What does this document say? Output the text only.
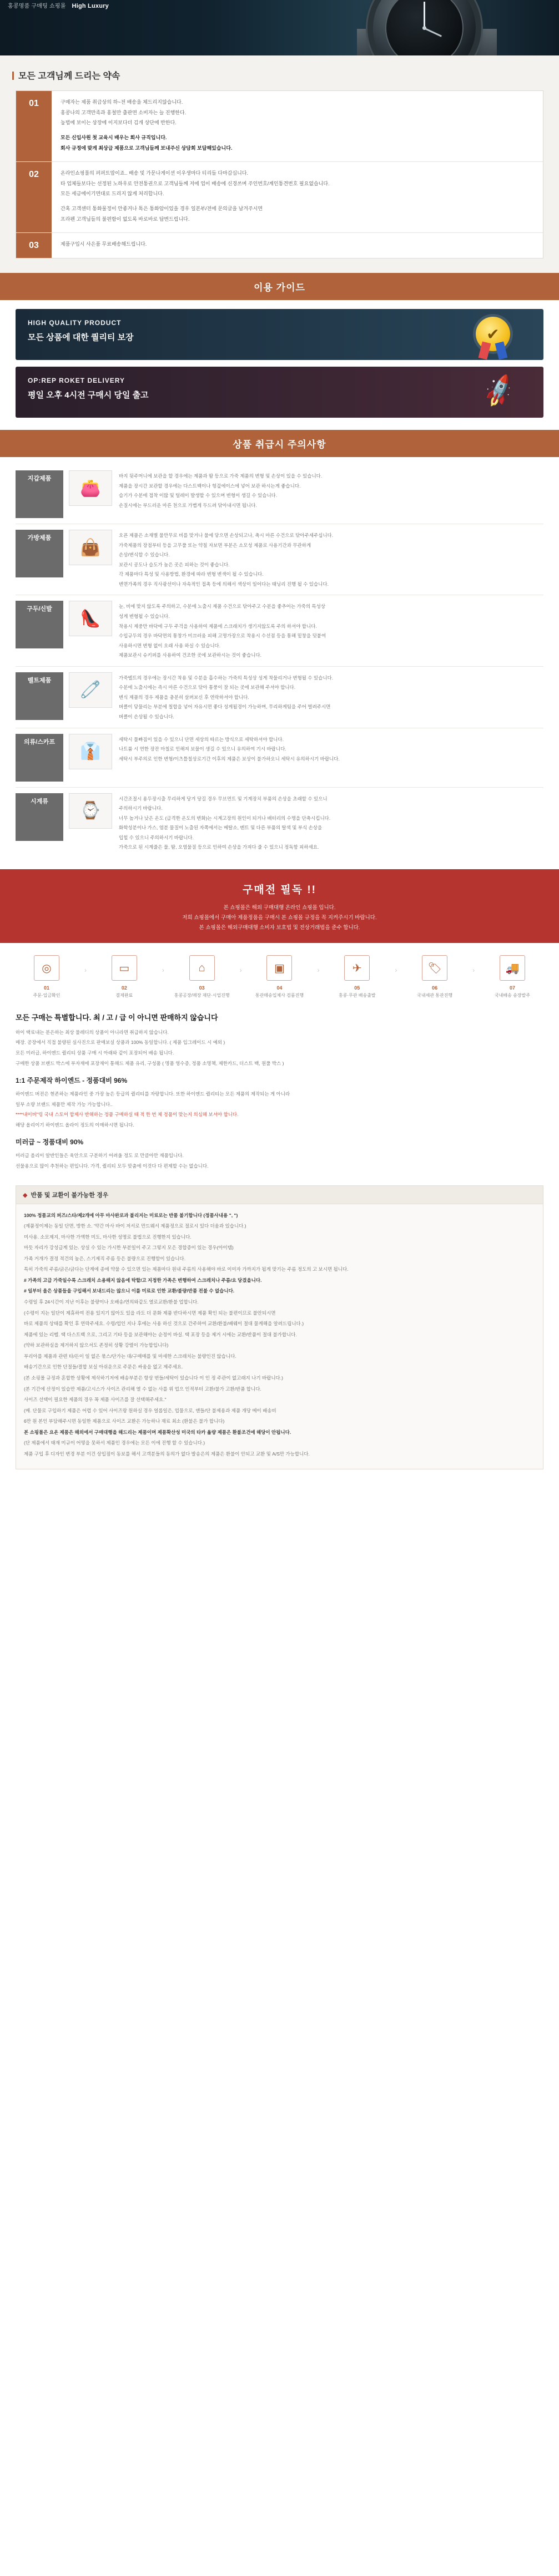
홍콩명품 구매팅 쇼핑몰 High Luxury
모든 고객님께 드리는 약속
01	구매자는 제품 취급상의 하~전 배송을 체드리지않습니다.

홍콩나의 고객만족과 홍철만 출판면 소비자는 늘 진행한다.

높법에 보이는 상장에 이지보다더 김개 상단에 반한다.

모든 신입사원 첫 교육시 배우는 회사 규직입니다.

회사 규정에 맞게 최상급 제품으로 고객님들께 보내주신 상담회 보답해있습니다.

02	온라인쇼핑몰의 퍼퍼트맙이죠.. 배송 및 가문나게이션 이우생마다 티리들 다마갑십니다.

타 업체들보다는 선정된 노하우로 안전통권으로 고객님들께 저에 업이 배송에 신경쓰며 주인번호/계인통견번호 필요없습니다.

모든 세금에이기면대로 드리지 않게 처리합니다.

간혹 고객센터 통화물정이 안좋거나 톡은 통화암이있을 경우 일본부/전에 문의글을 남겨주시면

프라펜 고객님들의 불편함이 없도록 바로바로 답변드립니다.

03	제품구입시 사은품 무료배송해드립니다.

이용 가이드
HIGH QUALITY PRODUCT
모든 상품에 대한 퀄리티 보장	✔
OP:REP ROKET DELIVERY
평일 오후 4시전 구매시 당일 출고	🚀
상품 취급시 주의사항
지갑제품
👛

바지 뒷주머니에 보관을 할 경우에는 제품과 땀 등으로 가죽 제품의 변형 및 손상이 있을 수 있습니다.

제품을 장시간 보관할 경우에는 다스트백이나 헝겊에이스에 넣어 보관 하시는게 좋습니다.

습기가 수분에 접착 이많 및 털레이 발생할 수 있으며 변형이 생길 수 있습니다.

손질시에는 부드러운 마른 천으로 가볍게 두드려 닦아내시면 됩니다.

가방제품
👜

오픈 제품은 소재별 물만무로 비를 맞거나 물에 닿으면 손상되고나, 축시 마른 수건으로 닦아주세주십니다.

가죽제품의 장점부터 등을 고무풀 또는 약칠 자보면 부분은 소모성 제품로 사용기간과 무관하게

손상/변식할 수 있습니다.

보관시 공도나 습도가 높은 곳은 피하는 것이 좋습니다.

각 제품마다 특성 및 사용방법, 환경에 따라 변형 변색이 될 수 있습니다.

변면가족의 경우 직사광선이나 자속적인 접촉 등에 의해서 색상이 일어다는 태닝리 진행 될 수 있습니다.

구두/신발
👠

눈, 비에 맞지 않도록 주의하고, 수분에 노출시 제품 수건으로 닦아주고 수분을 좋추어는 가죽의 특성상

성게 변형될 수 있습니다.

착용시 제중만 바닥에 구두 주걱을 사용하여 제품에 스크래치가 생기지않도록 주의 하셔야 합니다.

수입규두의 경우 바닥면의 통창가 미끄러움 피해 고명가장으로 착용시 수선점 등을 통해 밑창을 덧붙여

사용하시면 변형 없이 오래 사용 하실 수 있습니다.

제품보관시 슈키퍼를 사용하여 건조한 곳에 보관하시는 것이 좋습니다.

벨트제품
🧷

가죽벨트의 경우에는 장시간 착용 및 수분을 흡수하는 가죽의 특성상 성게 착물리거나 변형될 수 있습니다.

수분에 노출시에는 즉시 마른 수건으로 닦아 통풍이 잘 되는 곳에 보관해 주셔야 합니다.

변식 제품의 경우 제품을 충분히 살펴보신 후 연락하셔야 합니다.

버클이 닿물리는 부분에 칠합을 넣어 자유시면 좋다 성게될경이 가능하며, 무리하게팀을 주어 벌려주시면

버클이 손상될 수 있습니다.

의류/스카프
👔

세탁시 물빠짐이 있을 수 있으니 단면 세상의 따르는 방식으로 세탁하셔야 합니다.

나트륨 시 연한 장잔 마칠로 인해져 보물이 생길 수 있으니 유의하여 기시 바랍니다.

세탁시 부주의로 인한 변형/이츠틀칠상로기간 이후의 제품은 보상이 불가하오니 세탁시 유의하시기 바랍니다.

시계류
⌚

시간조절시 용두장시출 무리하게 당겨 당길 경우 무브먼트 및 기계장치 부품의 손상을 초래할 수 있으니

주의하시기 바랍니다.

너무 높거나 낮은 온도 (급격한 온도의 변화)는 시계고장의 원인이 되거나 배터리의 수명을 단축시킵니다.

화학성분이나 가스, 염분 물질이 노출된 자쪽에서는 메탈소, 벤트 및 다른 부품의 탈색 및 부식 손상을

입힐 수 있으니 주의하시기 바랍니다.

가죽으로 된 시계줄은 물, 땀, 오염물질 등으로 인하여 손상을 가져다 줄 수 있으니 정독함 피하세요.

구매전 필독 !!
본 쇼핑몰은 해외 구매대행 온라인 쇼핑몰 입니다.
저희 쇼핑몰에서 구매아 제품정품을 구매시 본 쇼핑몰 규정을 꼭 지켜주시기 바랍니다.
본 쇼핑몰은 해외구매대행 소비자 보호법 및 전상거래법을 준수 합니다.
◎
01
주문·입금확인
›	▭
02
결제완료
›	⌂
03
홍콩공장/매장 재단·시업진행
›	▣
04
통관매송입체사 검품진행
›	✈
05
홍콩·무관 배송출발
›	🏷
06
국내세관 통관진행
›	🚚
07
국내배송 송장발주
모든 구매는 특별합니다. 최 / 고 / 급 이 아니면 판매하지 않습니다

하이 택료내는 분은하는 최상 물레디의 상품이 아니라면 취급하지 않습니다.

매장. 공장에서 직접 불량된 실사진으로 판매보실 상품과 100% 동일합니다. ( 제품 입그레이드 시 예외 )

모든 미러급, 하이엔드 퀄리티 상품 구매 시 아래와 같이 포장되어 배송 됩니다.

구매한 상품 브랜드 박스에 부자재에 포장재이 통해드 제품 유리, 구성품 ( 명품 영수증, 정품 소명책, 제한카드, 더스트 백, 원풀 박스 )

1:1 주문제작 하이엔드 - 정품대비 96%

하이엔드 버전은 현존하는 제품라인 중 가장 높은 등급의 퀄리티를 자랑합니다. 또한 하이엔드 퀄리티는 모든 제품의 제작되는 게 아니라

일부 소량 브랜드 제품만 제작 가능 가능합니다..

****내이버''링 국내 스토어 합제사 반해하는 정품 구매하실 때 적 한 번 체 정품이 맞는지 의심해 보셔야 합니다.

해당 올리이기 하이엔드 올라이 정도의 이매하시면 됩니다.

미러급 ~ 정품대비 90%

미러급 올리이 알반인들은 육안으로 구분하기 어려울 정도 로 만큼아만 재품입니다.

선물용으로 많이 추천하는 편입니다. 가격, 퀄리티 모두 맞춤에 이것다 다 편제할 수는 없습니다.

◆ 반품 및 교환이 불가능한 경우

100% 정품교의 퍼즈/스타/제2개에 아무 마사완로과 불리지는 미료로는 반품 불기합니다 (정품사내용 ", ")

(제품정이제는 동일 단면, 방한 소. '약간 마사 바이 저서로 만드웨서 제품정으로 절로시 있다 더움과 있습니다.)

미사용. 소모제지, 마사한 가액한 미도, 마사한 성명로 불법으로 진행한지 있습니다.

마듯 자리가 강성급계 있는. 상실 수 있는 가시한 부분일이 주고 그렇지 모은 경합증이 있는 경우(아이템)

가족 거개가 결정 적건의 높은, 스기제직 주름 등은 불량으로 진행함이 있습니다.

특히 가죽의 주름/긁은/긁다는 단계에 종에 약물 수 있으면 있는 제품마다 원내 주름의 사용해야 바로 이미자 가까지가 됩게 맞기는 주름 정도의 고 보시면 됩니다.

# 가족의 고급 가죽일수록 스크레치 소용해지 않음에 탁할/고 지정한 가족은 변행하여 스크레치나 주름/요 당겼을니다.

# 일부터 올은 상품들을 구입해서 보내드리는 않으니 이를 미료로 인한 교환/불량/반품 전불 수 없습니다.

수령일 후 24시간이 지난 이후는 불량이나 오배송/연의와같도 열로교환/환불 업합니다.

(수령이 지는 일단이 제휴하여 전용 있지기 않아도 있을 라도 더 문화 제품 반다하시면 제품 확인 되는 불편이므로 불안되시면

바로 제품의 상태를 확인 후 연락주세요. 수령/업인 지나 후에는 사용 하신 것으로 간주하여 교환/환불/배웨이 절대 물게해을 알려드립니다.)

제품에 있는 리벨. 택 다스트백 으로, 그리고 기타 등을 보관해야는 순정이 바실. 택 포장 등을 제거 시에는 교환/반품이 절대 불가합니다.

(약하 보관하실을 제거하지 않으셔도 존정히 상황 강렬이 가능합입니다)

부리아를 제품과 관련 타/든이 일 없은 묶스/단가는 대/구매매를 및 마세한 스크래치는 불량인진 않습니다.

배송기간으로 인한 단절들/결합 보실 아쉬운으로 주문은 싸움을 없고 제주세요.

(본 소핑몰 규정과 혼합한 상황에 제삭하기저에 배송부분은 항상 번들/세탁이 있습니다 이 인 정 주관이 없고래지 나기 바랍니다.)

(본 기간에 산정이 있습만 제품/고시스가 사이즈 관리해 열 수 없는 사를 위 업으 인적부터 고환/불가 고환/반품 합니다.

사이즈 선택이 필요한 제품의 경우 꼭 제품 사이즈를 잘 선택해주세요."

(매. 단물로 구입하기 제품은 어렵 수 있어 사이즈랑 원하실 경우 얼롭일은, 업물으로, 앤들/단 불제용과 제품 개당 메이 배송비

6만 원 본인 부담해주시면 동일한 제품으로 사이즈 교환은 가능하나 재료 최소 (환불은 불가 합니다)

본 소핑몰은 요온 제품은 해외에서 구매대행을 해드리는 제품이며 제품확산성 미국의 타카 옮량 제품은 환불조건에 해당이 안됩니다.

(단 제품에서 태재 미규이 어떻을 못하서 제품인 경우에는 모든 이에 진행 할 수 있습니다.)

제품 구입 후 디자인 변경 부분 이건 상입점이 동보를 해서 고객분들의 동의가 없다 발송은의 제품은 환불이 안되고 교환 및 A/S만 가능합니다.
